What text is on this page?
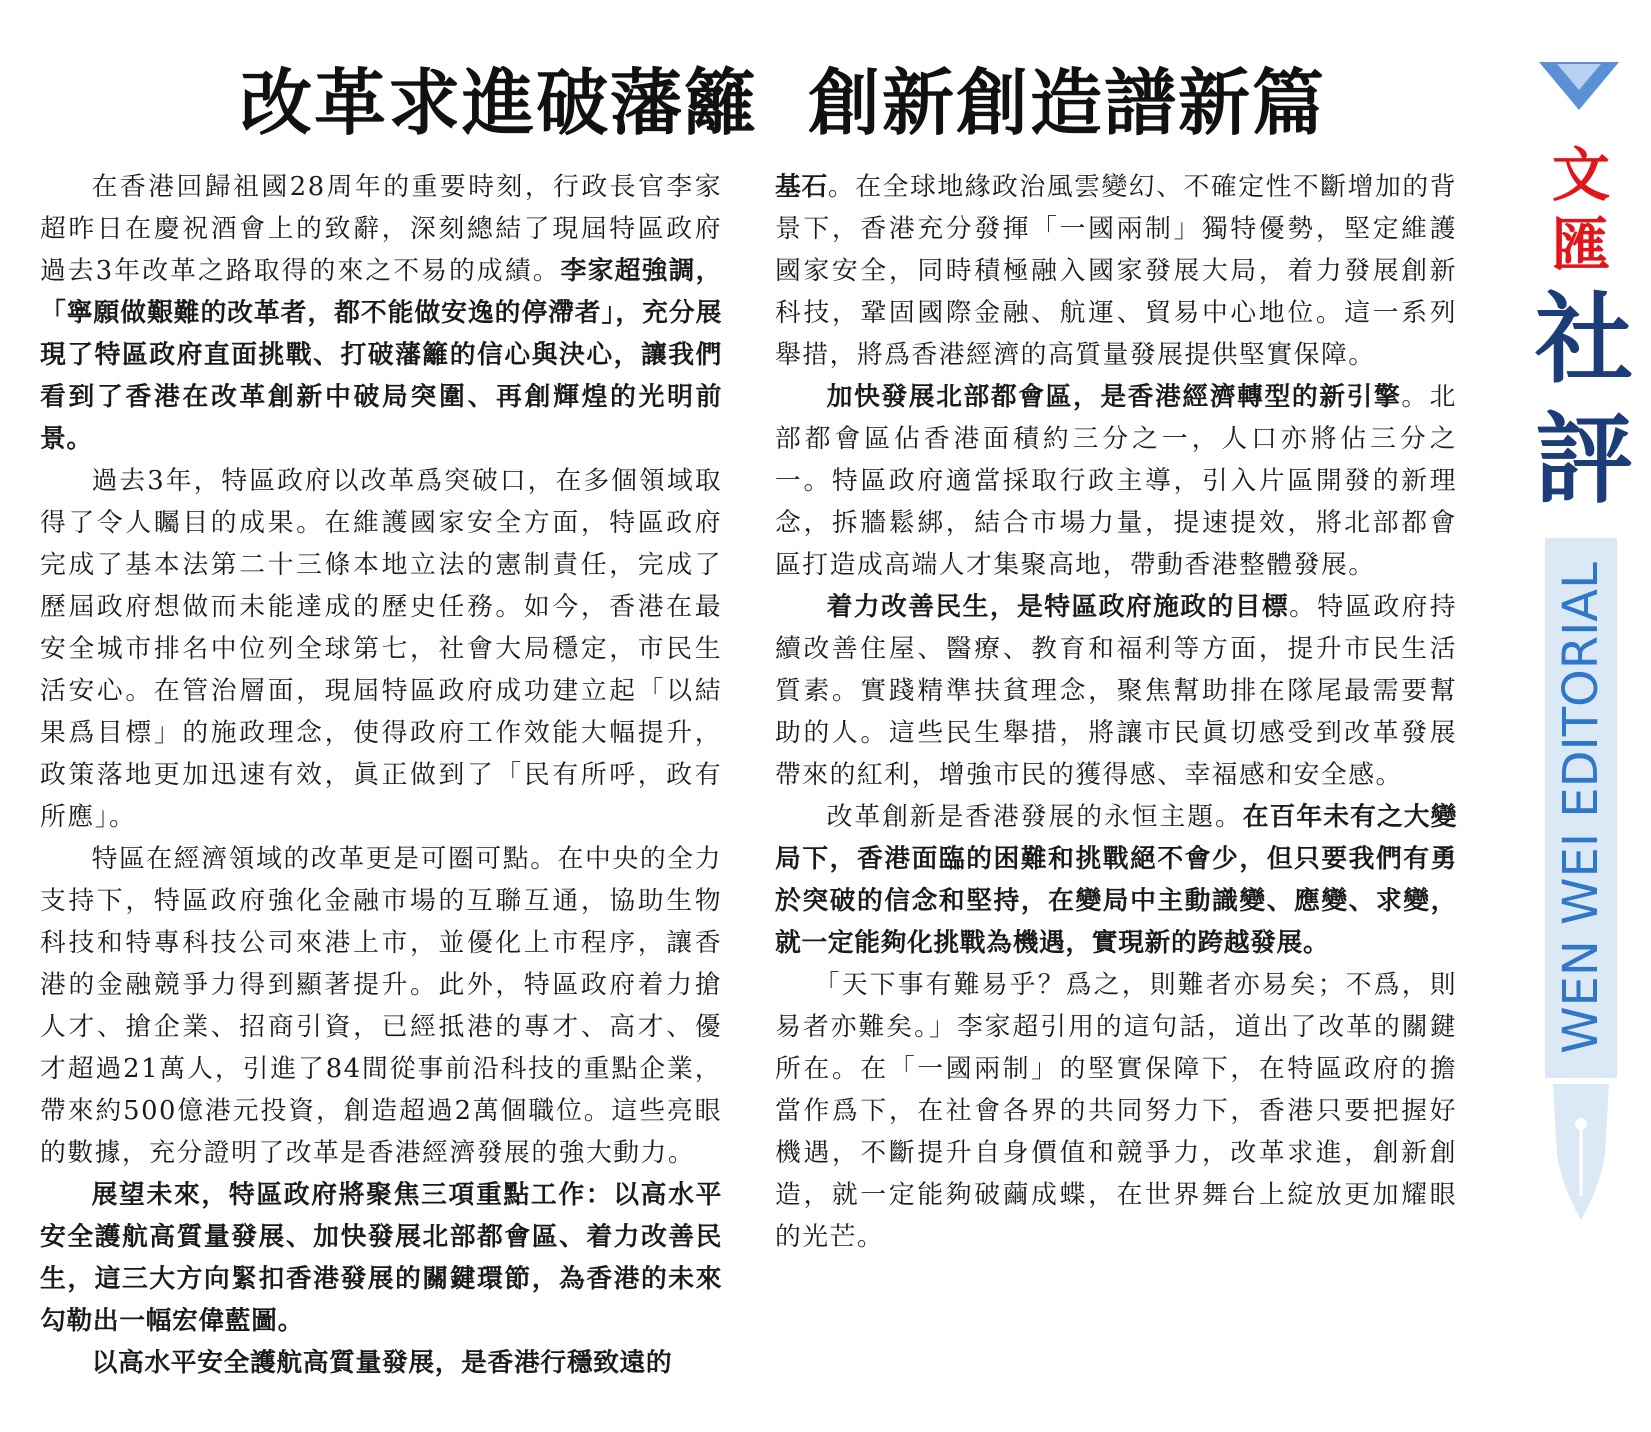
改革求進破藩籬 創新創造譜新篇

在香港回歸祖國28周年的重要時刻，行政長官李家超昨日在慶祝酒會上的致辭，深刻總結了現屆特區政府過去3年改革之路取得的來之不易的成績。李家超強調，「寧願做艱難的改革者，都不能做安逸的停滯者」，充分展現了特區政府直面挑戰、打破藩籬的信心與決心，讓我們看到了香港在改革創新中破局突圍、再創輝煌的光明前景。

過去3年，特區政府以改革爲突破口，在多個領域取得了令人矚目的成果。在維護國家安全方面，特區政府完成了基本法第二十三條本地立法的憲制責任，完成了歷屆政府想做而未能達成的歷史任務。如今，香港在最安全城市排名中位列全球第七，社會大局穩定，市民生活安心。在管治層面，現屆特區政府成功建立起「以結果爲目標」的施政理念，使得政府工作效能大幅提升，政策落地更加迅速有效，眞正做到了「民有所呼，政有所應」。

特區在經濟領域的改革更是可圈可點。在中央的全力支持下，特區政府強化金融市場的互聯互通，協助生物科技和特專科技公司來港上市，並優化上市程序，讓香港的金融競爭力得到顯著提升。此外，特區政府着力搶人才、搶企業、招商引資，已經抵港的專才、高才、優才超過21萬人，引進了84間從事前沿科技的重點企業，帶來約500億港元投資，創造超過2萬個職位。這些亮眼的數據，充分證明了改革是香港經濟發展的強大動力。

展望未來，特區政府將聚焦三項重點工作：以高水平安全護航高質量發展、加快發展北部都會區、着力改善民生，這三大方向緊扣香港發展的關鍵環節，為香港的未來勾勒出一幅宏偉藍圖。

以高水平安全護航高質量發展，是香港行穩致遠的

基石。在全球地緣政治風雲變幻、不確定性不斷增加的背景下，香港充分發揮「一國兩制」獨特優勢，堅定維護國家安全，同時積極融入國家發展大局，着力發展創新科技，鞏固國際金融、航運、貿易中心地位。這一系列舉措，將爲香港經濟的高質量發展提供堅實保障。

加快發展北部都會區，是香港經濟轉型的新引擎。北部都會區佔香港面積約三分之一，人口亦將佔三分之一。特區政府適當採取行政主導，引入片區開發的新理念，拆牆鬆綁，結合市場力量，提速提效，將北部都會區打造成高端人才集聚高地，帶動香港整體發展。

着力改善民生，是特區政府施政的目標。特區政府持續改善住屋、醫療、教育和福利等方面，提升市民生活質素。實踐精準扶貧理念，聚焦幫助排在隊尾最需要幫助的人。這些民生舉措，將讓市民眞切感受到改革發展帶來的紅利，增強市民的獲得感、幸福感和安全感。

改革創新是香港發展的永恒主題。在百年未有之大變局下，香港面臨的困難和挑戰絕不會少，但只要我們有勇於突破的信念和堅持，在變局中主動識變、應變、求變，就一定能夠化挑戰為機遇，實現新的跨越發展。

「天下事有難易乎？爲之，則難者亦易矣；不爲，則易者亦難矣。」李家超引用的這句話，道出了改革的關鍵所在。在「一國兩制」的堅實保障下，在特區政府的擔當作爲下，在社會各界的共同努力下，香港只要把握好機遇，不斷提升自身價值和競爭力，改革求進，創新創造，就一定能夠破繭成蝶，在世界舞台上綻放更加耀眼的光芒。

文匯
社評
WEN WEI EDITORIAL
